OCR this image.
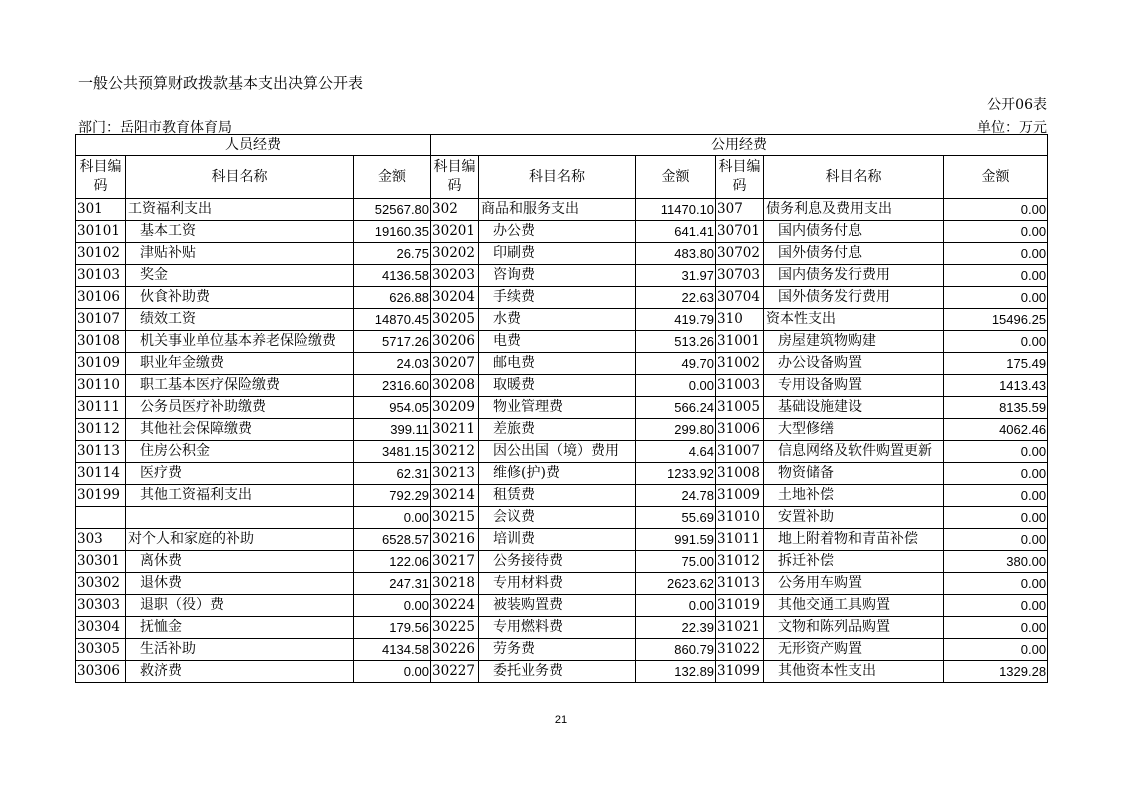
一般公共预算财政拨款基本支出决算公开表
公开06表
部门：岳阳市教育体育局	单位：万元
人员经费			公用经费					
科目编码	科目名称	金额	科目编码	科目名称	金额	科目编码	科目名称	金额
301	工资福利支出	52567.80	302	商品和服务支出	11470.10	307	债务利息及费用支出	0.00
30101	基本工资	19160.35	30201	办公费	641.41	30701	国内债务付息	0.00
30102	津贴补贴	26.75	30202	印刷费	483.80	30702	国外债务付息	0.00
30103	奖金	4136.58	30203	咨询费	31.97	30703	国内债务发行费用	0.00
30106	伙食补助费	626.88	30204	手续费	22.63	30704	国外债务发行费用	0.00
30107	绩效工资	14870.45	30205	水费	419.79	310	资本性支出	15496.25
30108	机关事业单位基本养老保险缴费	5717.26	30206	电费	513.26	31001	房屋建筑物购建	0.00
30109	职业年金缴费	24.03	30207	邮电费	49.70	31002	办公设备购置	175.49
30110	职工基本医疗保险缴费	2316.60	30208	取暖费	0.00	31003	专用设备购置	1413.43
30111	公务员医疗补助缴费	954.05	30209	物业管理费	566.24	31005	基础设施建设	8135.59
30112	其他社会保障缴费	399.11	30211	差旅费	299.80	31006	大型修缮	4062.46
30113	住房公积金	3481.15	30212	因公出国（境）费用	4.64	31007	信息网络及软件购置更新	0.00
30114	医疗费	62.31	30213	维修(护)费	1233.92	31008	物资储备	0.00
30199	其他工资福利支出	792.29	30214	租赁费	24.78	31009	土地补偿	0.00
		0.00	30215	会议费	55.69	31010	安置补助	0.00
303	对个人和家庭的补助	6528.57	30216	培训费	991.59	31011	地上附着物和青苗补偿	0.00
30301	离休费	122.06	30217	公务接待费	75.00	31012	拆迁补偿	380.00
30302	退休费	247.31	30218	专用材料费	2623.62	31013	公务用车购置	0.00
30303	退职（役）费	0.00	30224	被装购置费	0.00	31019	其他交通工具购置	0.00
30304	抚恤金	179.56	30225	专用燃料费	22.39	31021	文物和陈列品购置	0.00
30305	生活补助	4134.58	30226	劳务费	860.79	31022	无形资产购置	0.00
30306	救济费	0.00	30227	委托业务费	132.89	31099	其他资本性支出	1329.28
21
